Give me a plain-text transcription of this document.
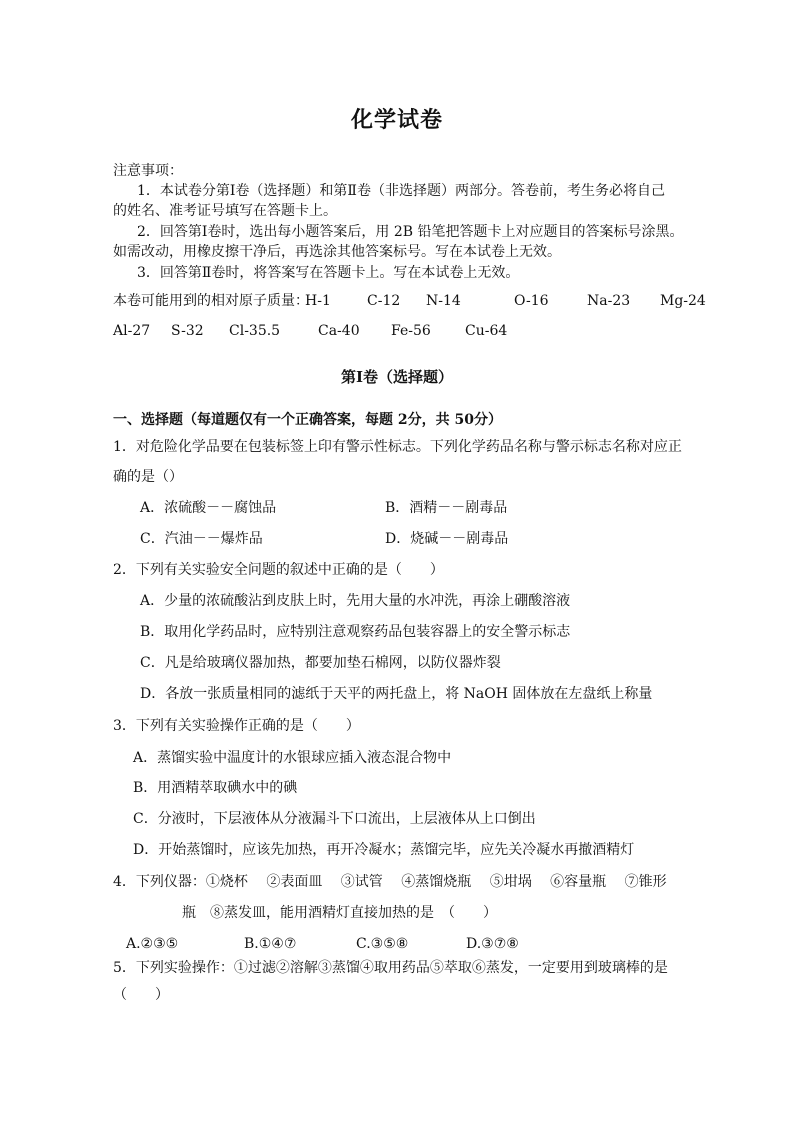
化学试卷
注意事项：
1．本试卷分第Ⅰ卷（选择题）和第Ⅱ卷（非选择题）两部分。答卷前，考生务必将自己
的姓名、准考证号填写在答题卡上。
2．回答第Ⅰ卷时，选出每小题答案后，用 2B 铅笔把答题卡上对应题目的答案标号涂黑。
如需改动，用橡皮擦干净后，再选涂其他答案标号。写在本试卷上无效。
3．回答第Ⅱ卷时，将答案写在答题卡上。写在本试卷上无效。
本卷可能用到的相对原子质量：
H-1	C-12 N-14	O-16	Na-23 Mg-24
Al-27 S-32 Cl-35.5	Ca-40 Fe-56 Cu-64
第Ⅰ卷（选择题）
一、选择题（每道题仅有一个正确答案，每题 2分，共 50分）
1．对危险化学品要在包装标签上印有警示性标志。下列化学药品名称与警示标志名称对应正
确的是（）
A．浓硫酸－－腐蚀品	B．酒精－－剧毒品
C．汽油－－爆炸品	D．烧碱－－剧毒品
2．下列有关实验安全问题的叙述中正确的是（　　）
A．少量的浓硫酸沾到皮肤上时，先用大量的水冲洗，再涂上硼酸溶液
B．取用化学药品时，应特别注意观察药品包装容器上的安全警示标志
C．凡是给玻璃仪器加热，都要加垫石棉网，以防仪器炸裂
D．各放一张质量相同的滤纸于天平的两托盘上，将 NaOH 固体放在左盘纸上称量
3．下列有关实验操作正确的是（　　）
A．蒸馏实验中温度计的水银球应插入液态混合物中
B．用酒精萃取碘水中的碘
C．分液时，下层液体从分液漏斗下口流出，上层液体从上口倒出
D．开始蒸馏时，应该先加热，再开冷凝水；蒸馏完毕，应先关冷凝水再撤酒精灯
4．下列仪器：①烧杯　 ②表面皿　 ③试管　 ④蒸馏烧瓶　 ⑤坩埚　 ⑥容量瓶　 ⑦锥形
瓶　⑧蒸发皿，能用酒精灯直接加热的是　（　　）
A.②③⑤	B.①④⑦	C.③⑤⑧	D.③⑦⑧
5．下列实验操作：①过滤②溶解③蒸馏④取用药品⑤萃取⑥蒸发，一定要用到玻璃棒的是
（　　）
